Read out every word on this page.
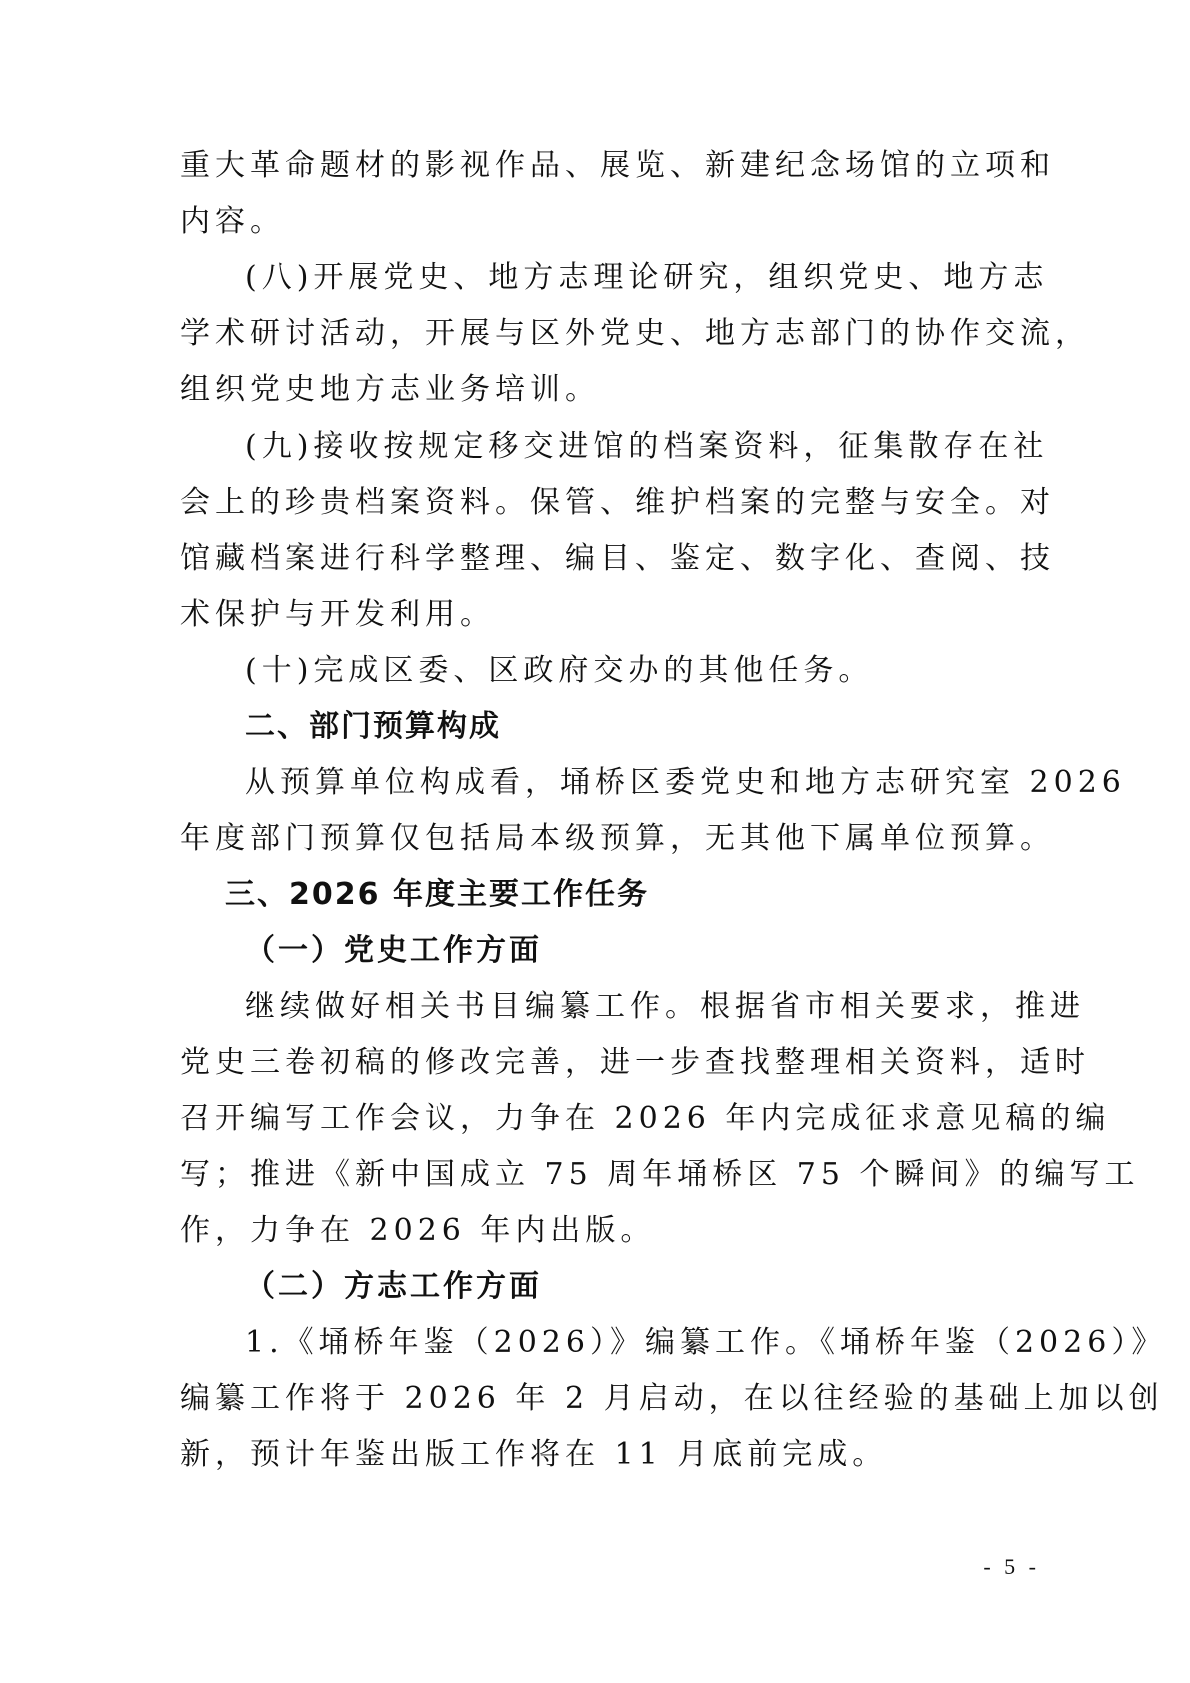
重大革命题材的影视作品、展览、新建纪念场馆的立项和
内容。
(八)开展党史、地方志理论研究，组织党史、地方志
学术研讨活动，开展与区外党史、地方志部门的协作交流，
组织党史地方志业务培训。
(九)接收按规定移交进馆的档案资料，征集散存在社
会上的珍贵档案资料。保管、维护档案的完整与安全。对
馆藏档案进行科学整理、编目、鉴定、数字化、查阅、技
术保护与开发利用。
(十)完成区委、区政府交办的其他任务。
二、部门预算构成
从预算单位构成看，埇桥区委党史和地方志研究室 2026
年度部门预算仅包括局本级预算，无其他下属单位预算。
三、2026 年度主要工作任务
（一）党史工作方面
继续做好相关书目编纂工作。根据省市相关要求，推进
党史三卷初稿的修改完善，进一步查找整理相关资料，适时
召开编写工作会议，力争在 2026 年内完成征求意见稿的编
写；推进《新中国成立 75 周年埇桥区 75 个瞬间》的编写工
作，力争在 2026 年内出版。
（二）方志工作方面
1.《埇桥年鉴（2026）》编纂工作。《埇桥年鉴（2026）》
编纂工作将于 2026 年 2 月启动，在以往经验的基础上加以创
新，预计年鉴出版工作将在 11 月底前完成。
- 5 -
